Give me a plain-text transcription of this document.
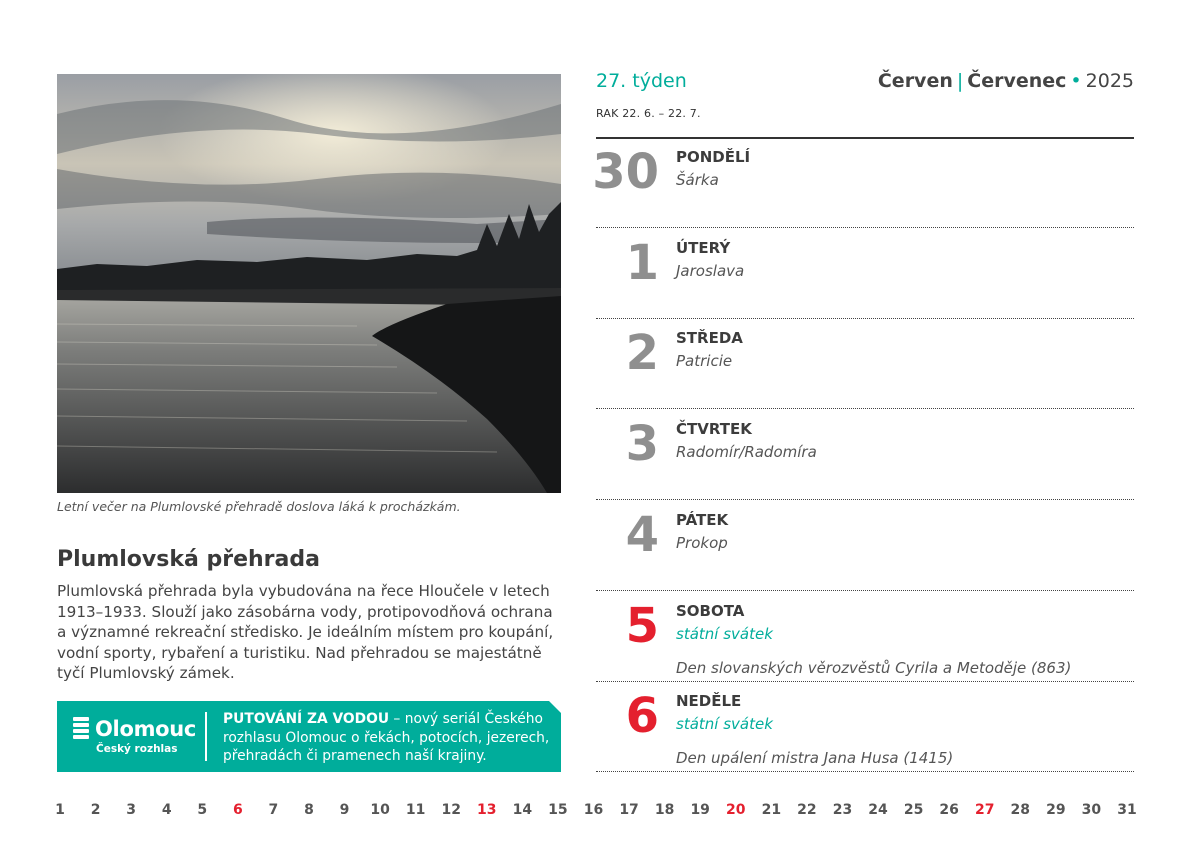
Letní večer na Plumlovské přehradě doslova láká k procházkám.
Plumlovská přehrada
Plumlovská přehrada byla vybudována na řece Hloučele v letech 1913–1933. Slouží jako zásobárna vody, protipovodňová ochrana a významné rekreační středisko. Je ideálním místem pro koupání, vodní sporty, rybaření a turistiku. Nad přehradou se majestátně tyčí Plumlovský zámek.
Olomouc
Český rozhlas
PUTOVÁNÍ ZA VODOU – nový seriál Českého rozhlasu Olomouc o řekách, potocích, jezerech, přehradách či pramenech naší krajiny.
27. týden	Červen | Červenec • 2025
RAK 22. 6. – 22. 7.
30 PONDĚLÍ
Šárka
1 ÚTERÝ
Jaroslava
2 STŘEDA
Patricie
3 ČTVRTEK
Radomír/Radomíra
4 PÁTEK
Prokop
5 SOBOTA
státní svátek
Den slovanských věrozvěstů Cyrila a Metoděje (863)
6 NEDĚLE
státní svátek
Den upálení mistra Jana Husa (1415)
1 2 3 4 5 6 7 8 9 10 11 12 13 14 15 16 17 18 19 20 21 22 23 24 25 26 27 28 29 30 31
